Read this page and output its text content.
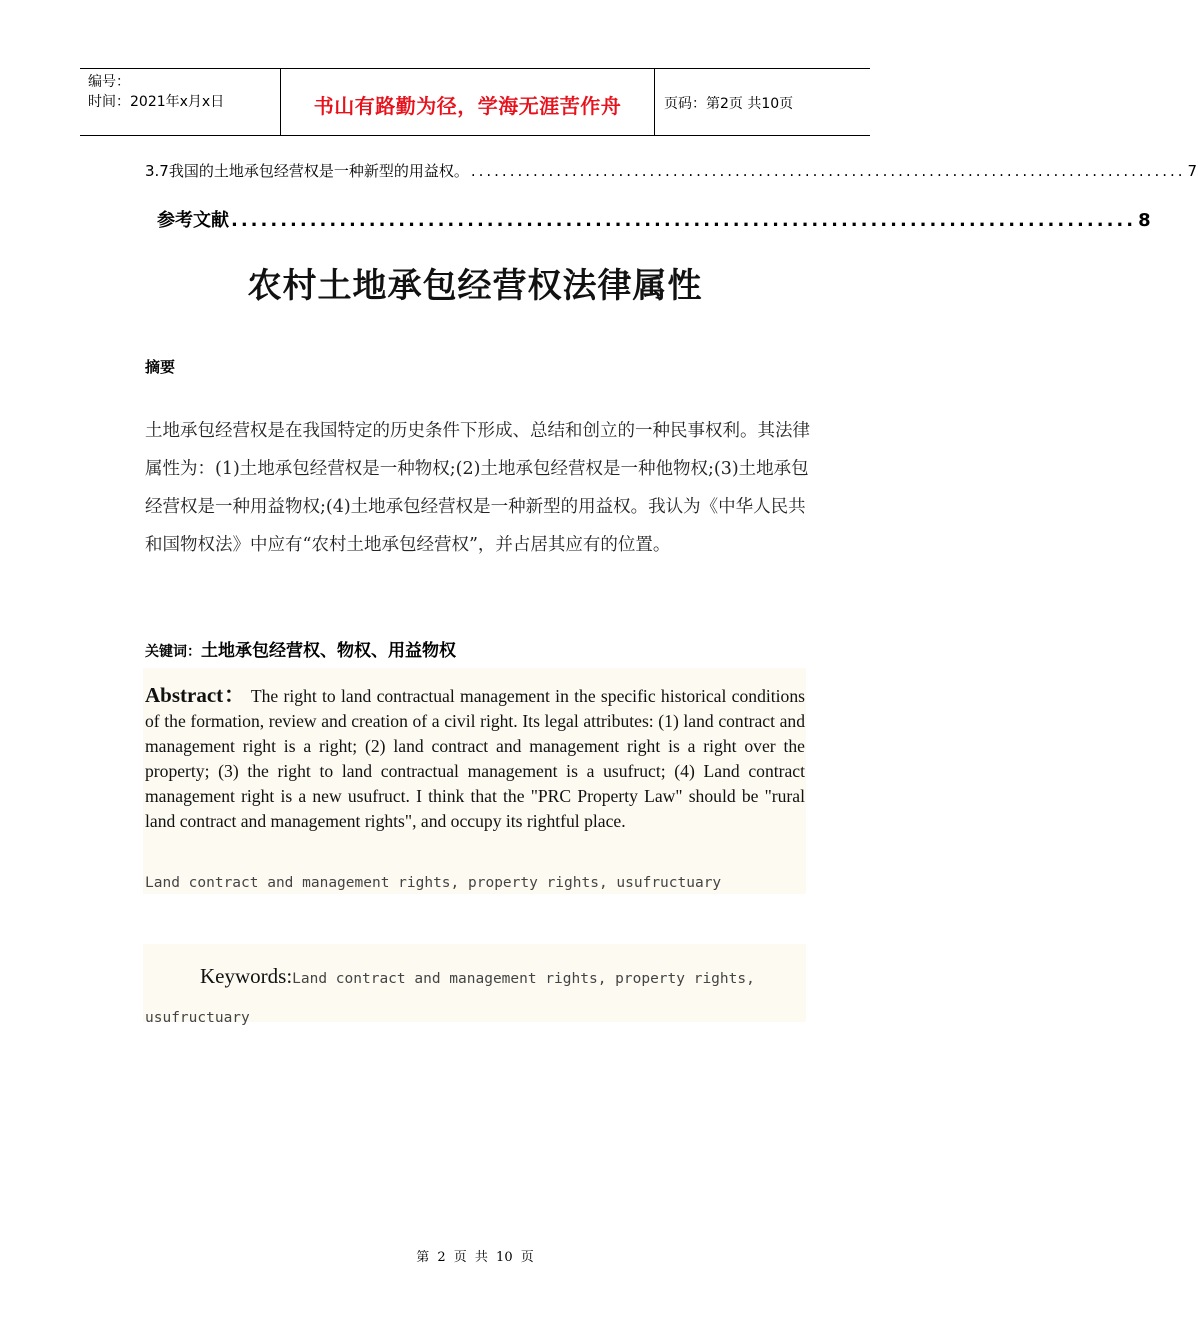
编号：
时间：2021年x月x日	书山有路勤为径，学海无涯苦作舟	页码：第2页 共10页
3.7我国的土地承包经营权是一种新型的用益权。 ............................................................................................ 7
参考文献 ............................................................................................ 8
农村土地承包经营权法律属性
摘要
土地承包经营权是在我国特定的历史条件下形成、总结和创立的一种民事权利。其法律属性为：(1)土地承包经营权是一种物权;(2)土地承包经营权是一种他物权;(3)土地承包经营权是一种用益物权;(4)土地承包经营权是一种新型的用益权。我认为《中华人民共和国物权法》中应有“农村土地承包经营权”，并占居其应有的位置。
关键词：土地承包经营权、物权、用益物权
Abstract： The right to land contractual management in the specific historical conditions of the formation, review and creation of a civil right. Its legal attributes: (1) land contract and management right is a right; (2) land contract and management right is a right over the property; (3) the right to land contractual management is a usufruct; (4) Land contract management right is a new usufruct. I think that the "PRC Property Law" should be "rural land contract and management rights", and occupy its rightful place.
Land contract and management rights, property rights, usufructuary
Keywords:Land contract and management rights, property rights, usufructuary
第 2 页 共 10 页
